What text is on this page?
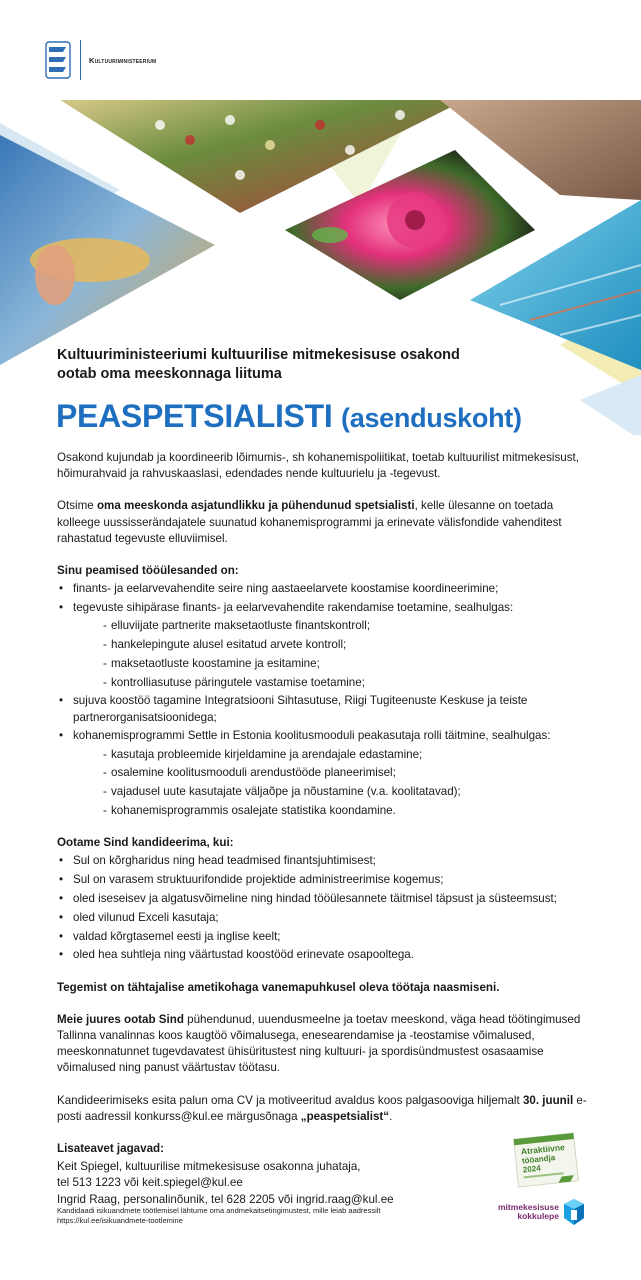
Kultuuriministeerium
Kultuuriministeeriumi kultuurilise mitmekesisuse osakond ootab oma meeskonnaga liituma
PEASPETSIALISTI (asenduskoht)

Osakond kujundab ja koordineerib lõimumis-, sh kohanemispoliitikat, toetab kultuurilist mitmekesisust, hõimurahvaid ja rahvuskaaslasi, edendades nende kultuurielu ja -tegevust.

Otsime oma meeskonda asjatundlikku ja pühendunud spetsialisti, kelle ülesanne on toetada kolleege uussisserändajatele suunatud kohanemisprogrammi ja erinevate välisfondide vahenditest rahastatud tegevuste elluviimisel.

Sinu peamised tööülesanded on:
• finants- ja eelarvevahendite seire ning aastaeelarvete koostamise koordineerimine;
• tegevuste sihipärase finants- ja eelarvevahendite rakendamise toetamine, sealhulgas:
- elluviijate partnerite maksetaotluste finantskontroll;
- hankelepingute alusel esitatud arvete kontroll;
- maksetaotluste koostamine ja esitamine;
- kontrolliasutuse päringutele vastamise toetamine;
• sujuva koostöö tagamine Integratsiooni Sihtasutuse, Riigi Tugiteenuste Keskuse ja teiste partnerorganisatsioonidega;
• kohanemisprogrammi Settle in Estonia koolitusmooduli peakasutaja rolli täitmine, sealhulgas:
- kasutaja probleemide kirjeldamine ja arendajale edastamine;
- osalemine koolitusmooduli arendustööde planeerimisel;
- vajadusel uute kasutajate väljaõpe ja nõustamine (v.a. koolitatavad);
- kohanemisprogrammis osalejate statistika koondamine.
Ootame Sind kandideerima, kui:
• Sul on kõrgharidus ning head teadmised finantsjuhtimisest;
• Sul on varasem struktuurifondide projektide administreerimise kogemus;
• oled iseseisev ja algatusvõimeline ning hindad tööülesannete täitmisel täpsust ja süsteemsust;
• oled vilunud Exceli kasutaja;
• valdad kõrgtasemel eesti ja inglise keelt;
• oled hea suhtleja ning väärtustad koostööd erinevate osapooltega.

Tegemist on tähtajalise ametikohaga vanemapuhkusel oleva töötaja naasmiseni.

Meie juures ootab Sind pühendunud, uuendusmeelne ja toetav meeskond, väga head töötingimused Tallinna vanalinnas koos kaugtöö võimalusega, enesearendamise ja -teostamise võimalused, meeskonnatunnet tugevdavatest ühisüritustest ning kultuuri- ja spordisündmustest osasaamise võimalused ning panust väärtustav töötasu.

Kandideerimiseks esita palun oma CV ja motiveeritud avaldus koos palgasooviga hiljemalt 30. juunil e-posti aadressil konkurss@kul.ee märgusõnaga „peaspetsialist“.

Lisateavet jagavad:
Keit Spiegel, kultuurilise mitmekesisuse osakonna juhataja,
tel 513 1223 või keit.spiegel@kul.ee
Ingrid Raag, personalinõunik, tel 628 2205 või ingrid.raag@kul.ee
Kandidaadi isikuandmete töötlemisel lähtume oma andmekaitsetingimustest, mille leiab aadressilt https://kul.ee/isikuandmete-tootlemine
Atraktiivne
tööandja
2024
mitmekesisuse
kokkulepe
